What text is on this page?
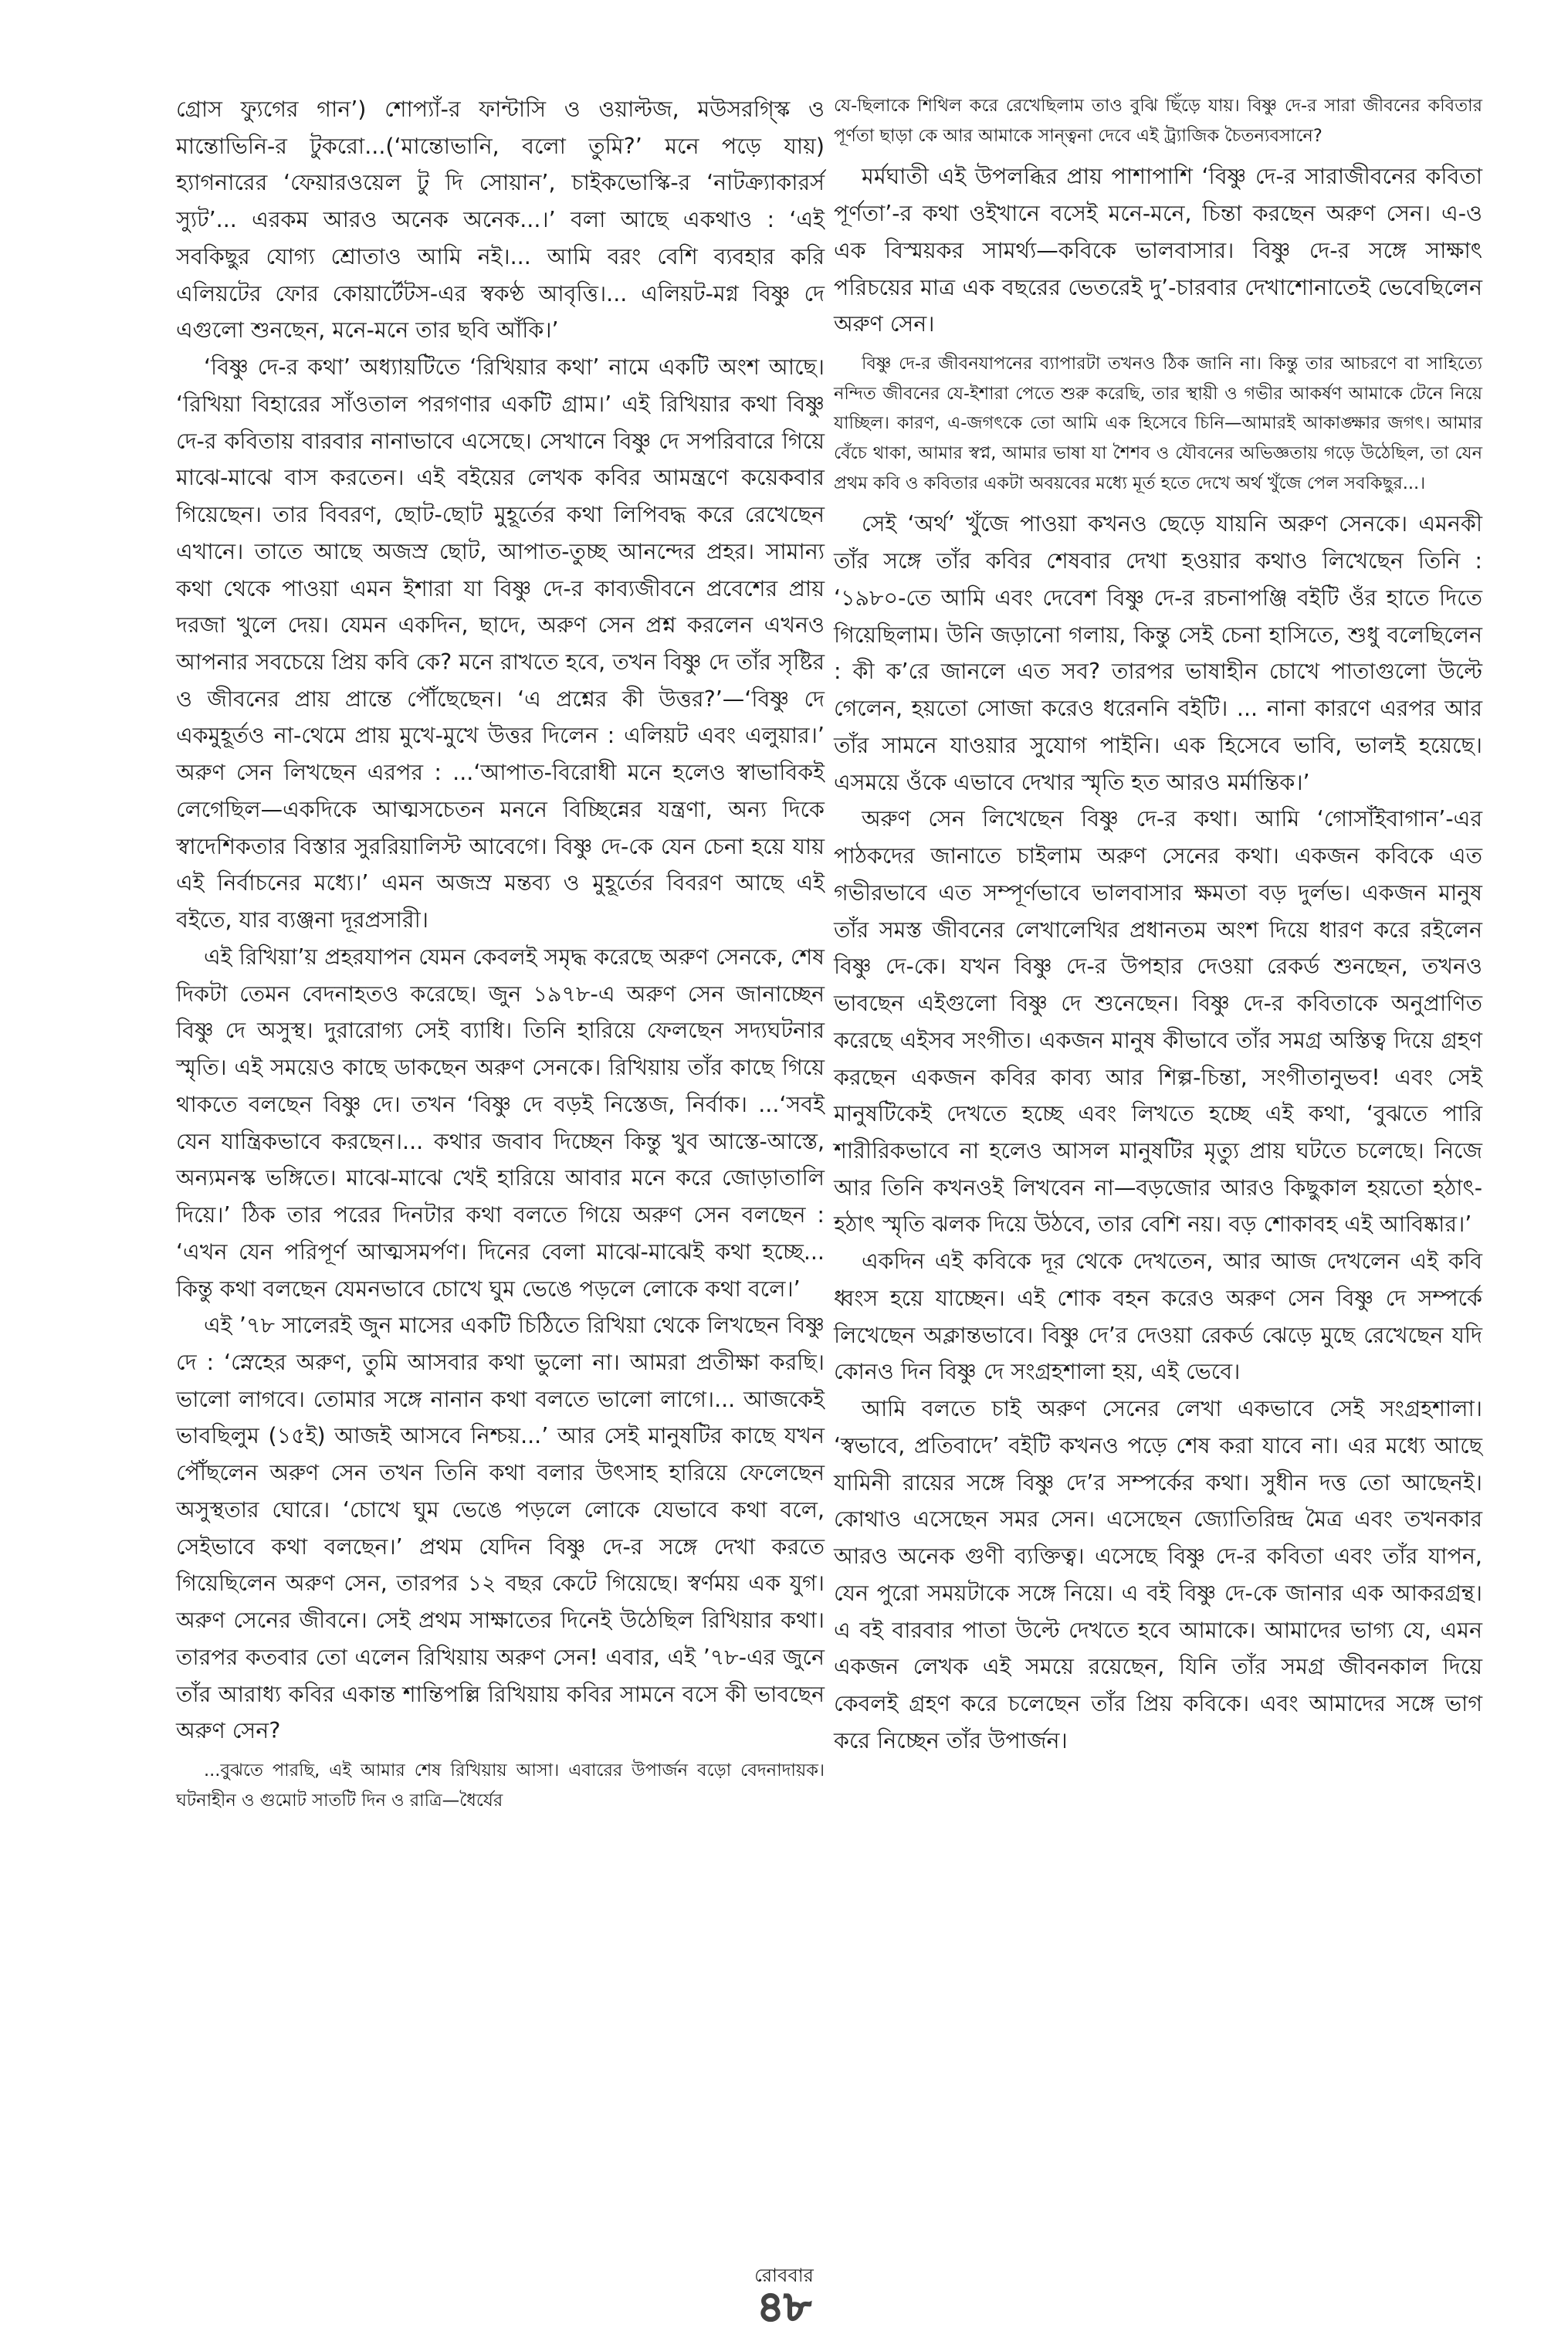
গ্রোস ফ্যুগের গান’) শোপ্যাঁ-র ফান্টাসি ও ওয়াল্টজ, মউসরগ্স্কি ও মান্তোভিনি-র টুকরো...(‘মান্তোভানি, বলো তুমি?’ মনে পড়ে যায়) হ্যাগনারের ‘ফেয়ারওয়েল টু দি সোয়ান’, চাইকভোস্কি-র ‘নাটক্র্যাকারর্স স্যুট’... এরকম আরও অনেক অনেক...।’ বলা আছে একথাও : ‘এই সবকিছুর যোগ্য শ্রোতাও আমি নই।... আমি বরং বেশি ব্যবহার করি এলিয়টের ফোর কোয়ার্টেটস-এর স্বকণ্ঠ আবৃত্তি।... এলিয়ট-মগ্ন বিষ্ণু দে এগুলো শুনছেন, মনে-মনে তার ছবি আঁকি।’

‘বিষ্ণু দে-র কথা’ অধ্যায়টিতে ‘রিখিয়ার কথা’ নামে একটি অংশ আছে। ‘রিখিয়া বিহারের সাঁওতাল পরগণার একটি গ্রাম।’ এই রিখিয়ার কথা বিষ্ণু দে-র কবিতায় বারবার নানাভাবে এসেছে। সেখানে বিষ্ণু দে সপরিবারে গিয়ে মাঝে-মাঝে বাস করতেন। এই বইয়ের লেখক কবির আমন্ত্রণে কয়েকবার গিয়েছেন। তার বিবরণ, ছোট-ছোট মুহূর্তের কথা লিপিবদ্ধ করে রেখেছেন এখানে। তাতে আছে অজস্র ছোট, আপাত-তুচ্ছ আনন্দের প্রহর। সামান্য কথা থেকে পাওয়া এমন ইশারা যা বিষ্ণু দে-র কাব্যজীবনে প্রবেশের প্রায় দরজা খুলে দেয়। যেমন একদিন, ছাদে, অরুণ সেন প্রশ্ন করলেন এখনও আপনার সবচেয়ে প্রিয় কবি কে? মনে রাখতে হবে, তখন বিষ্ণু দে তাঁর সৃষ্টির ও জীবনের প্রায় প্রান্তে পৌঁছেছেন। ‘এ প্রশ্নের কী উত্তর?’—‘বিষ্ণু দে একমুহূর্তও না-থেমে প্রায় মুখে-মুখে উত্তর দিলেন : এলিয়ট এবং এলুয়ার।’ অরুণ সেন লিখছেন এরপর : ...‘আপাত-বিরোধী মনে হলেও স্বাভাবিকই লেগেছিল—একদিকে আত্মসচেতন মননে বিচ্ছিন্নের যন্ত্রণা, অন্য দিকে স্বাদেশিকতার বিস্তার সুররিয়ালিস্ট আবেগে। বিষ্ণু দে-কে যেন চেনা হয়ে যায় এই নির্বাচনের মধ্যে।’ এমন অজস্র মন্তব্য ও মুহূর্তের বিবরণ আছে এই বইতে, যার ব্যঞ্জনা দূরপ্রসারী।

এই রিখিয়া’য় প্রহরযাপন যেমন কেবলই সমৃদ্ধ করেছে অরুণ সেনকে, শেষ দিকটা তেমন বেদনাহতও করেছে। জুন ১৯৭৮-এ অরুণ সেন জানাচ্ছেন বিষ্ণু দে অসুস্থ। দুরারোগ্য সেই ব্যাধি। তিনি হারিয়ে ফেলছেন সদ্যঘটনার স্মৃতি। এই সময়েও কাছে ডাকছেন অরুণ সেনকে। রিখিয়ায় তাঁর কাছে গিয়ে থাকতে বলছেন বিষ্ণু দে। তখন ‘বিষ্ণু দে বড়ই নিস্তেজ, নির্বাক। ...‘সবই যেন যান্ত্রিকভাবে করছেন।... কথার জবাব দিচ্ছেন কিন্তু খুব আস্তে-আস্তে, অন্যমনস্ক ভঙ্গিতে। মাঝে-মাঝে খেই হারিয়ে আবার মনে করে জোড়াতালি দিয়ে।’ ঠিক তার পরের দিনটার কথা বলতে গিয়ে অরুণ সেন বলছেন : ‘এখন যেন পরিপূর্ণ আত্মসমর্পণ। দিনের বেলা মাঝে-মাঝেই কথা হচ্ছে... কিন্তু কথা বলছেন যেমনভাবে চোখে ঘুম ভেঙে পড়লে লোকে কথা বলে।’

এই ’৭৮ সালেরই জুন মাসের একটি চিঠিতে রিখিয়া থেকে লিখছেন বিষ্ণু দে : ‘স্নেহের অরুণ, তুমি আসবার কথা ভুলো না। আমরা প্রতীক্ষা করছি। ভালো লাগবে। তোমার সঙ্গে নানান কথা বলতে ভালো লাগে।... আজকেই ভাবছিলুম (১৫ই) আজই আসবে নিশ্চয়...’ আর সেই মানুষটির কাছে যখন পৌঁছলেন অরুণ সেন তখন তিনি কথা বলার উৎসাহ হারিয়ে ফেলেছেন অসুস্থতার ঘোরে। ‘চোখে ঘুম ভেঙে পড়লে লোকে যেভাবে কথা বলে, সেইভাবে কথা বলছেন।’ প্রথম যেদিন বিষ্ণু দে-র সঙ্গে দেখা করতে গিয়েছিলেন অরুণ সেন, তারপর ১২ বছর কেটে গিয়েছে। স্বর্ণময় এক যুগ। অরুণ সেনের জীবনে। সেই প্রথম সাক্ষাতের দিনেই উঠেছিল রিখিয়ার কথা। তারপর কতবার তো এলেন রিখিয়ায় অরুণ সেন! এবার, এই ’৭৮-এর জুনে তাঁর আরাধ্য কবির একান্ত শান্তিপল্লি রিখিয়ায় কবির সামনে বসে কী ভাবছেন অরুণ সেন?

...বুঝতে পারছি, এই আমার শেষ রিখিয়ায় আসা। এবারের উপার্জন বড়ো বেদনাদায়ক। ঘটনাহীন ও গুমোট সাতটি দিন ও রাত্রি—ধৈর্যের

যে-ছিলাকে শিথিল করে রেখেছিলাম তাও বুঝি ছিঁড়ে যায়। বিষ্ণু দে-র সারা জীবনের কবিতার পূর্ণতা ছাড়া কে আর আমাকে সান্ত্বনা দেবে এই ট্র্যাজিক চৈতন্যবসানে?

মর্মঘাতী এই উপলব্ধির প্রায় পাশাপাশি ‘বিষ্ণু দে-র সারাজীবনের কবিতা পূর্ণতা’-র কথা ওইখানে বসেই মনে-মনে, চিন্তা করছেন অরুণ সেন। এ-ও এক বিস্ময়কর সামর্থ্য—কবিকে ভালবাসার। বিষ্ণু দে-র সঙ্গে সাক্ষাৎ পরিচয়ের মাত্র এক বছরের ভেতরেই দু’-চারবার দেখাশোনাতেই ভেবেছিলেন অরুণ সেন।

বিষ্ণু দে-র জীবনযাপনের ব্যাপারটা তখনও ঠিক জানি না। কিন্তু তার আচরণে বা সাহিত্যে নন্দিত জীবনের যে-ইশারা পেতে শুরু করেছি, তার স্থায়ী ও গভীর আকর্ষণ আমাকে টেনে নিয়ে যাচ্ছিল। কারণ, এ-জগৎকে তো আমি এক হিসেবে চিনি—আমারই আকাঙ্ক্ষার জগৎ। আমার বেঁচে থাকা, আমার স্বপ্ন, আমার ভাষা যা শৈশব ও যৌবনের অভিজ্ঞতায় গড়ে উঠেছিল, তা যেন প্রথম কবি ও কবিতার একটা অবয়বের মধ্যে মূর্ত হতে দেখে অর্থ খুঁজে পেল সবকিছুর...।

সেই ‘অর্থ’ খুঁজে পাওয়া কখনও ছেড়ে যায়নি অরুণ সেনকে। এমনকী তাঁর সঙ্গে তাঁর কবির শেষবার দেখা হওয়ার কথাও লিখেছেন তিনি : ‘১৯৮০-তে আমি এবং দেবেশ বিষ্ণু দে-র রচনাপঞ্জি বইটি ওঁর হাতে দিতে গিয়েছিলাম। উনি জড়ানো গলায়, কিন্তু সেই চেনা হাসিতে, শুধু বলেছিলেন : কী ক’রে জানলে এত সব? তারপর ভাষাহীন চোখে পাতাগুলো উল্টে গেলেন, হয়তো সোজা করেও ধরেননি বইটি। ... নানা কারণে এরপর আর তাঁর সামনে যাওয়ার সুযোগ পাইনি। এক হিসেবে ভাবি, ভালই হয়েছে। এসময়ে ওঁকে এভাবে দেখার স্মৃতি হত আরও মর্মান্তিক।’

অরুণ সেন লিখেছেন বিষ্ণু দে-র কথা। আমি ‘গোসাঁইবাগান’-এর পাঠকদের জানাতে চাইলাম অরুণ সেনের কথা। একজন কবিকে এত গভীরভাবে এত সম্পূর্ণভাবে ভালবাসার ক্ষমতা বড় দুর্লভ। একজন মানুষ তাঁর সমস্ত জীবনের লেখালেখির প্রধানতম অংশ দিয়ে ধারণ করে রইলেন বিষ্ণু দে-কে। যখন বিষ্ণু দে-র উপহার দেওয়া রেকর্ড শুনছেন, তখনও ভাবছেন এইগুলো বিষ্ণু দে শুনেছেন। বিষ্ণু দে-র কবিতাকে অনুপ্রাণিত করেছে এইসব সংগীত। একজন মানুষ কীভাবে তাঁর সমগ্র অস্তিত্ব দিয়ে গ্রহণ করছেন একজন কবির কাব্য আর শিল্প-চিন্তা, সংগীতানুভব! এবং সেই মানুষটিকেই দেখতে হচ্ছে এবং লিখতে হচ্ছে এই কথা, ‘বুঝতে পারি শারীরিকভাবে না হলেও আসল মানুষটির মৃত্যু প্রায় ঘটতে চলেছে। নিজে আর তিনি কখনওই লিখবেন না—বড়জোর আরও কিছুকাল হয়তো হঠাৎ-হঠাৎ স্মৃতি ঝলক দিয়ে উঠবে, তার বেশি নয়। বড় শোকাবহ এই আবিষ্কার।’

একদিন এই কবিকে দূর থেকে দেখতেন, আর আজ দেখলেন এই কবি ধ্বংস হয়ে যাচ্ছেন। এই শোক বহন করেও অরুণ সেন বিষ্ণু দে সম্পর্কে লিখেছেন অক্লান্তভাবে। বিষ্ণু দে’র দেওয়া রেকর্ড ঝেড়ে মুছে রেখেছেন যদি কোনও দিন বিষ্ণু দে সংগ্রহশালা হয়, এই ভেবে।

আমি বলতে চাই অরুণ সেনের লেখা একভাবে সেই সংগ্রহশালা। ‘স্বভাবে, প্রতিবাদে’ বইটি কখনও পড়ে শেষ করা যাবে না। এর মধ্যে আছে যামিনী রায়ের সঙ্গে বিষ্ণু দে’র সম্পর্কের কথা। সুধীন দত্ত তো আছেনই। কোথাও এসেছেন সমর সেন। এসেছেন জ্যোতিরিন্দ্র মৈত্র এবং তখনকার আরও অনেক গুণী ব্যক্তিত্ব। এসেছে বিষ্ণু দে-র কবিতা এবং তাঁর যাপন, যেন পুরো সময়টাকে সঙ্গে নিয়ে। এ বই বিষ্ণু দে-কে জানার এক আকরগ্রন্থ। এ বই বারবার পাতা উল্টে দেখতে হবে আমাকে। আমাদের ভাগ্য যে, এমন একজন লেখক এই সময়ে রয়েছেন, যিনি তাঁর সমগ্র জীবনকাল দিয়ে কেবলই গ্রহণ করে চলেছেন তাঁর প্রিয় কবিকে। এবং আমাদের সঙ্গে ভাগ করে নিচ্ছেন তাঁর উপার্জন।

রোববার
৪৮
